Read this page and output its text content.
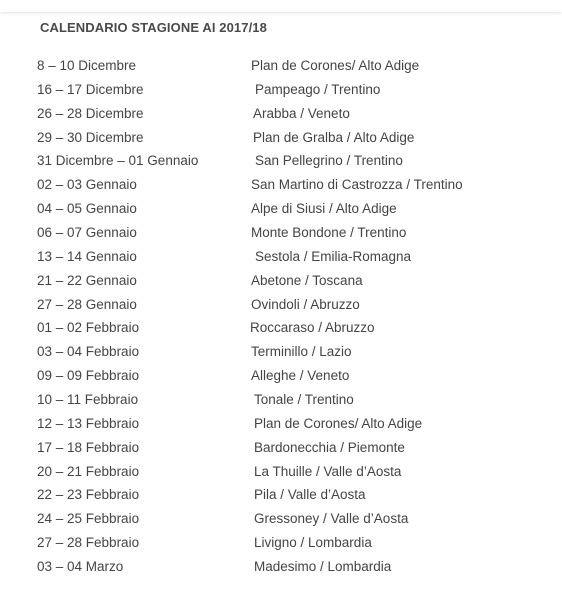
CALENDARIO STAGIONE AI 2017/18
8 – 10 Dicembre	Plan de Corones/ Alto Adige
16 – 17 Dicembre	Pampeago / Trentino
26 – 28 Dicembre	Arabba / Veneto
29 – 30 Dicembre	Plan de Gralba / Alto Adige
31 Dicembre – 01 Gennaio	San Pellegrino / Trentino
02 – 03 Gennaio	San Martino di Castrozza / Trentino
04 – 05 Gennaio	Alpe di Siusi / Alto Adige
06 – 07 Gennaio	Monte Bondone / Trentino
13 – 14 Gennaio	Sestola / Emilia-Romagna
21 – 22 Gennaio	Abetone / Toscana
27 – 28 Gennaio	Ovindoli / Abruzzo
01 – 02 Febbraio	Roccaraso / Abruzzo
03 – 04 Febbraio	Terminillo / Lazio
09 – 09 Febbraio	Alleghe / Veneto
10 – 11 Febbraio	Tonale / Trentino
12 – 13 Febbraio	Plan de Corones/ Alto Adige
17 – 18 Febbraio	Bardonecchia / Piemonte
20 – 21 Febbraio	La Thuille / Valle d’Aosta
22 – 23 Febbraio	Pila / Valle d’Aosta
24 – 25 Febbraio	Gressoney / Valle d’Aosta
27 – 28 Febbraio	Livigno / Lombardia
03 – 04 Marzo	Madesimo / Lombardia
